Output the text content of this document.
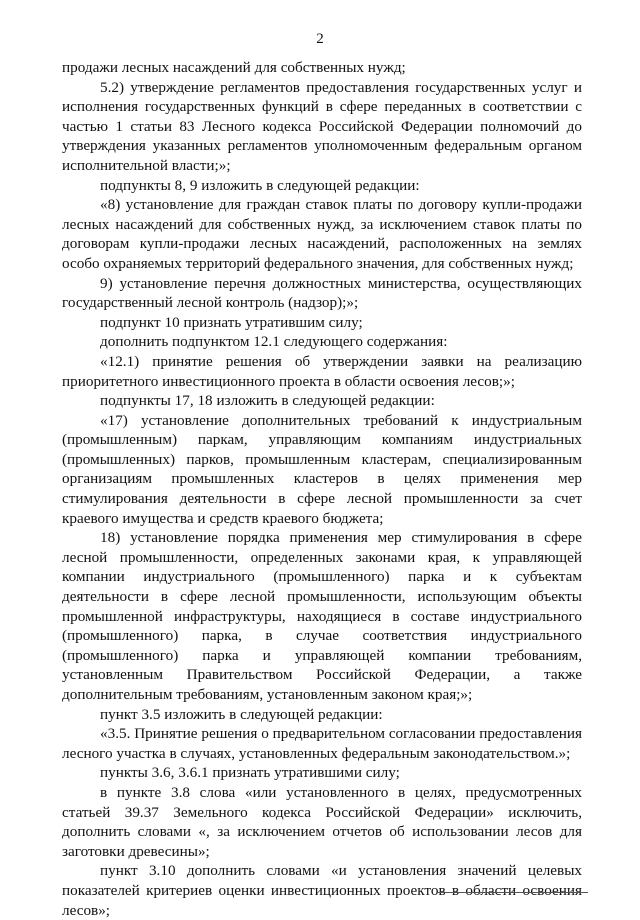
2

продажи лесных насаждений для собственных нужд;

5.2) утверждение регламентов предоставления государственных услуг и исполнения государственных функций в сфере переданных в соответствии с частью 1 статьи 83 Лесного кодекса Российской Федерации полномочий до утверждения указанных регламентов уполномоченным федеральным органом исполнительной власти;»;

подпункты 8, 9 изложить в следующей редакции:

«8) установление для граждан ставок платы по договору купли-продажи лесных насаждений для собственных нужд, за исключением ставок платы по договорам купли-продажи лесных насаждений, расположенных на землях особо охраняемых территорий федерального значения, для собственных нужд;

9) установление перечня должностных министерства, осуществляющих государственный лесной контроль (надзор);»;

подпункт 10 признать утратившим силу;

дополнить подпунктом 12.1 следующего содержания:

«12.1) принятие решения об утверждении заявки на реализацию приоритетного инвестиционного проекта в области освоения лесов;»;

подпункты 17, 18 изложить в следующей редакции:

«17) установление дополнительных требований к индустриальным (промышленным) паркам, управляющим компаниям индустриальных (промышленных) парков, промышленным кластерам, специализированным организациям промышленных кластеров в целях применения мер стимулирования деятельности в сфере лесной промышленности за счет краевого имущества и средств краевого бюджета;

18) установление порядка применения мер стимулирования в сфере лесной промышленности, определенных законами края, к управляющей компании индустриального (промышленного) парка и к субъектам деятельности в сфере лесной промышленности, использующим объекты промышленной инфраструктуры, находящиеся в составе индустриального (промышленного) парка, в случае соответствия индустриального (промышленного) парка и управляющей компании требованиям, установленным Правительством Российской Федерации, а также дополнительным требованиям, установленным законом края;»;

пункт 3.5 изложить в следующей редакции:

«3.5. Принятие решения о предварительном согласовании предоставления лесного участка в случаях, установленных федеральным законодательством.»;

пункты 3.6, 3.6.1 признать утратившими силу;

в пункте 3.8 слова «или установленного в целях, предусмотренных статьей 39.37 Земельного кодекса Российской Федерации» исключить, дополнить словами «, за исключением отчетов об использовании лесов для заготовки древесины»;

пункт 3.10 дополнить словами «и установления значений целевых показателей критериев оценки инвестиционных проектов в области освоения лесов»;
